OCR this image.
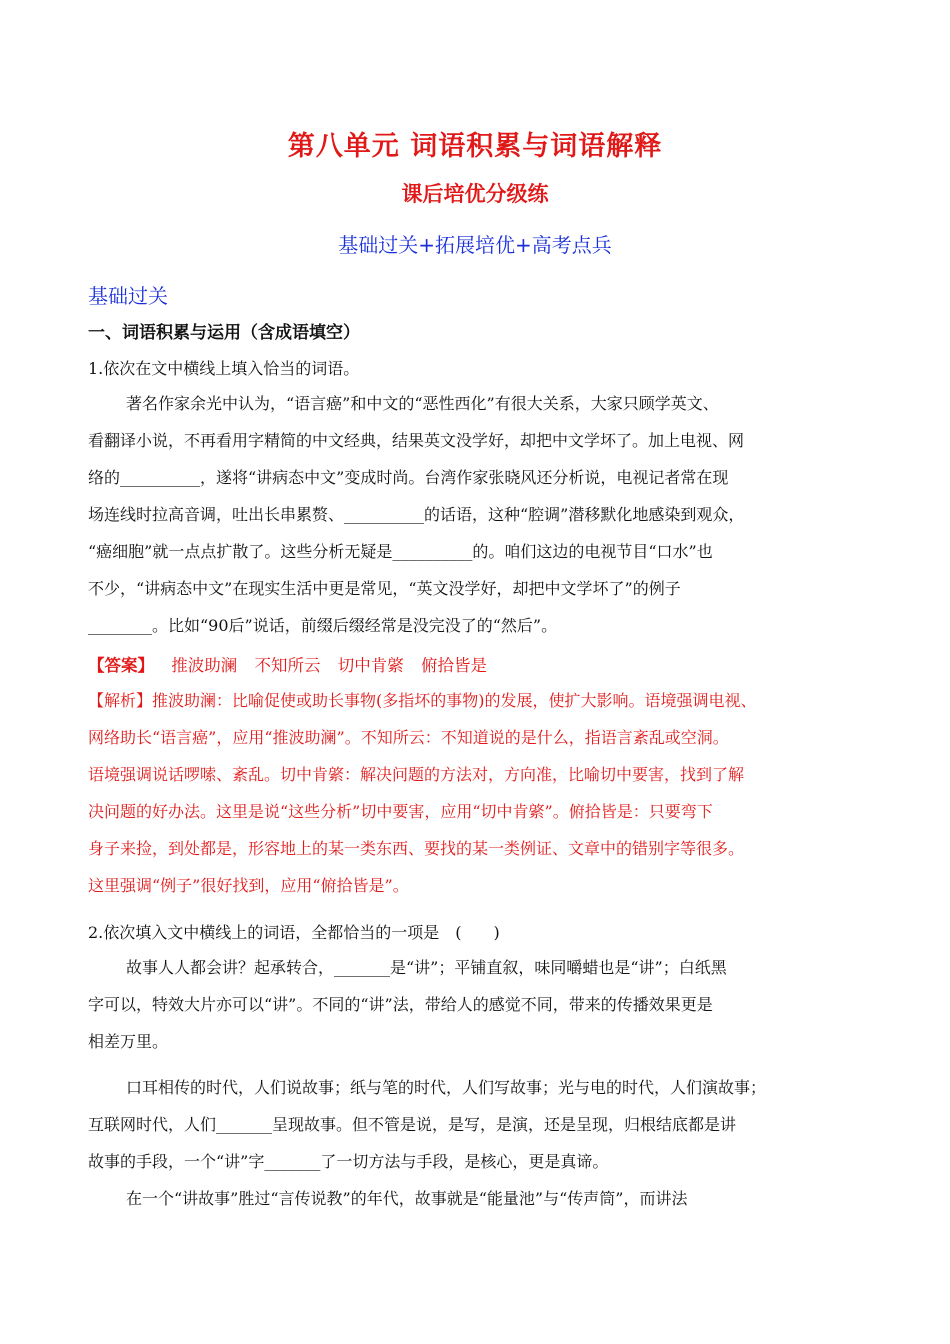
第八单元 词语积累与词语解释
课后培优分级练
基础过关+拓展培优+高考点兵
基础过关
一、词语积累与运用（含成语填空）
1.依次在文中横线上填入恰当的词语。
著名作家余光中认为，“语言癌”和中文的“恶性西化”有很大关系，大家只顾学英文、
看翻译小说，不再看用字精简的中文经典，结果英文没学好，却把中文学坏了。加上电视、网
络的__________，遂将“讲病态中文”变成时尚。台湾作家张晓风还分析说，电视记者常在现
场连线时拉高音调，吐出长串累赘、__________的话语，这种“腔调”潜移默化地感染到观众，
“癌细胞”就一点点扩散了。这些分析无疑是__________的。咱们这边的电视节目“口水”也
不少，“讲病态中文”在现实生活中更是常见，“英文没学好，却把中文学坏了”的例子
________。比如“90后”说话，前缀后缀经常是没完没了的“然后”。
【答案】 推波助澜 不知所云 切中肯綮 俯拾皆是
【解析】推波助澜：比喻促使或助长事物(多指坏的事物)的发展，使扩大影响。语境强调电视、
网络助长“语言癌”，应用“推波助澜”。不知所云：不知道说的是什么，指语言紊乱或空洞。
语境强调说话啰嗦、紊乱。切中肯綮：解决问题的方法对，方向准，比喻切中要害，找到了解
决问题的好办法。这里是说“这些分析”切中要害，应用“切中肯綮”。俯拾皆是：只要弯下
身子来捡，到处都是，形容地上的某一类东西、要找的某一类例证、文章中的错别字等很多。
这里强调“例子”很好找到，应用“俯拾皆是”。
2.依次填入文中横线上的词语，全都恰当的一项是　(　　)
故事人人都会讲？起承转合，_______是“讲”；平铺直叙，味同嚼蜡也是“讲”；白纸黑
字可以，特效大片亦可以“讲”。不同的“讲”法，带给人的感觉不同，带来的传播效果更是
相差万里。
口耳相传的时代，人们说故事；纸与笔的时代，人们写故事；光与电的时代，人们演故事；
互联网时代，人们_______呈现故事。但不管是说，是写，是演，还是呈现，归根结底都是讲
故事的手段，一个“讲”字_______了一切方法与手段，是核心，更是真谛。
在一个“讲故事”胜过“言传说教”的年代，故事就是“能量池”与“传声筒”，而讲法
